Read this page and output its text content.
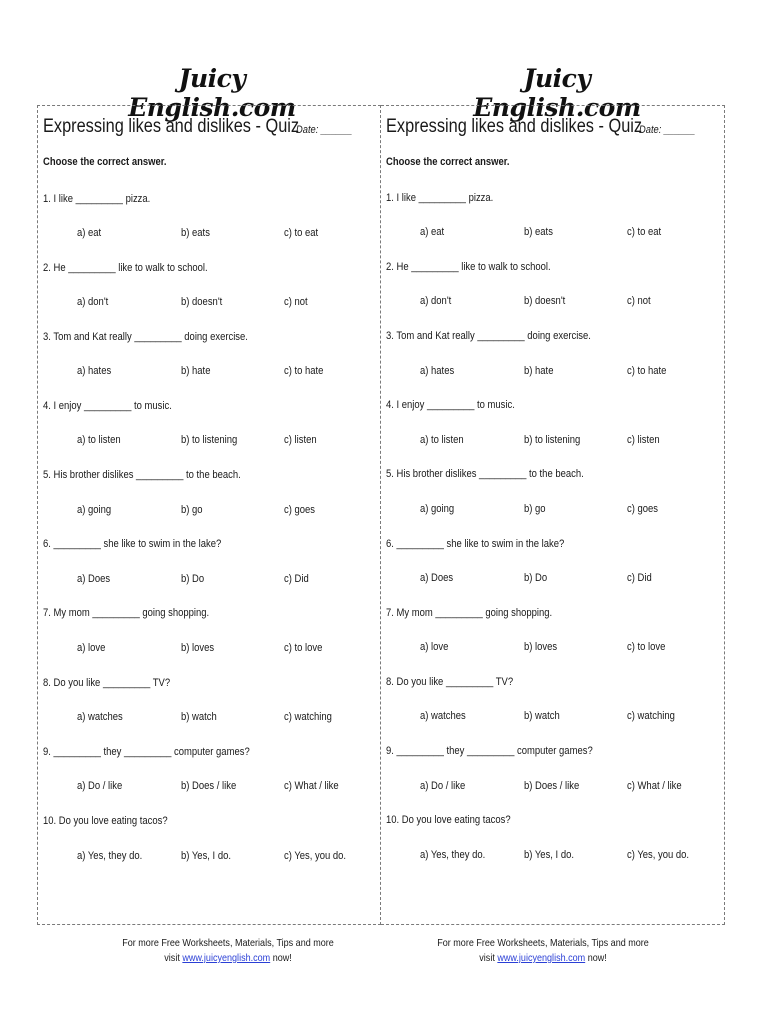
Juicy English.com
Juicy English.com
Expressing likes and dislikes - Quiz
Date: ______
Choose the correct answer.
1. I like _________ pizza.
a) eat	b) eats	c) to eat
2. He _________ like to walk to school.
a) don't	b) doesn't	c) not
3. Tom and Kat really _________ doing exercise.
a) hates	b) hate	c) to hate
4. I enjoy _________ to music.
a) to listen	b) to listening	c) listen
5. His brother dislikes _________ to the beach.
a) going	b) go	c) goes
6. _________ she like to swim in the lake?
a) Does	b) Do	c) Did
7. My mom _________ going shopping.
a) love	b) loves	c) to love
8. Do you like _________ TV?
a) watches	b) watch	c) watching
9. _________ they _________ computer games?
a) Do / like	b) Does / like	c) What / like
10. Do you love eating tacos?
a) Yes, they do.	b) Yes, I do.	c) Yes, you do.
Expressing likes and dislikes - Quiz
Date: ______
Choose the correct answer.
1. I like _________ pizza.
a) eat	b) eats	c) to eat
2. He _________ like to walk to school.
a) don't	b) doesn't	c) not
3. Tom and Kat really _________ doing exercise.
a) hates	b) hate	c) to hate
4. I enjoy _________ to music.
a) to listen	b) to listening	c) listen
5. His brother dislikes _________ to the beach.
a) going	b) go	c) goes
6. _________ she like to swim in the lake?
a) Does	b) Do	c) Did
7. My mom _________ going shopping.
a) love	b) loves	c) to love
8. Do you like _________ TV?
a) watches	b) watch	c) watching
9. _________ they _________ computer games?
a) Do / like	b) Does / like	c) What / like
10. Do you love eating tacos?
a) Yes, they do.	b) Yes, I do.	c) Yes, you do.
For more Free Worksheets, Materials, Tips and more
visit www.juicyenglish.com now!
For more Free Worksheets, Materials, Tips and more
visit www.juicyenglish.com now!
